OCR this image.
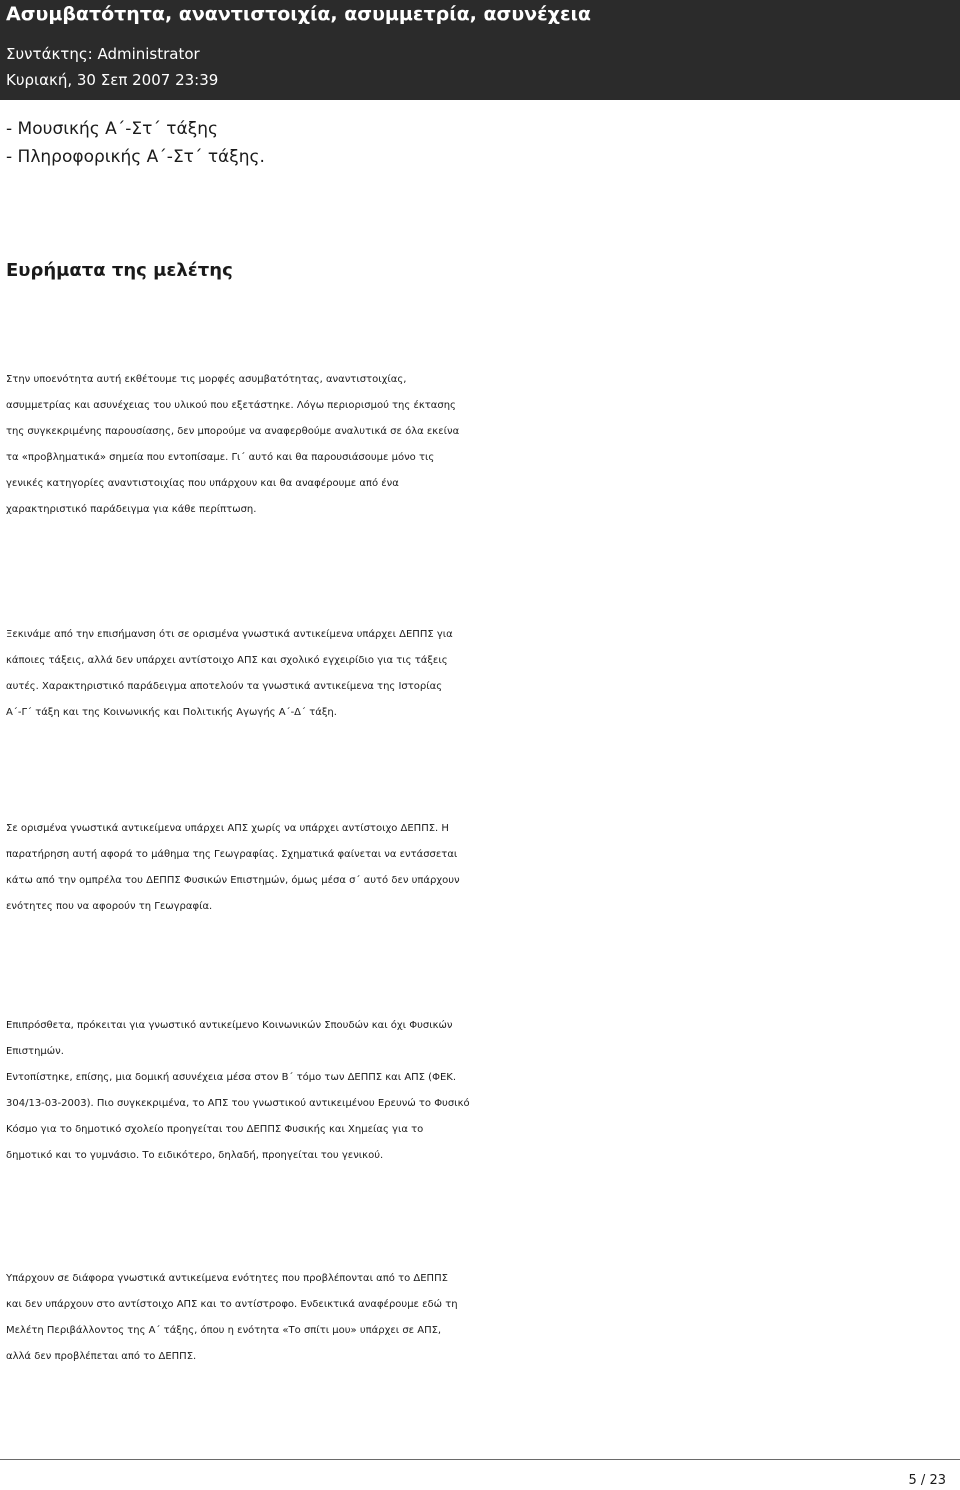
Ασυμβατότητα, αναντιστοιχία, ασυμμετρία, ασυνέχεια
Συντάκτης: Administrator
Κυριακή, 30 Σεπ 2007 23:39
- Μουσικής Α΄-Στ΄ τάξης
- Πληροφορικής Α΄-Στ΄ τάξης.
Ευρήματα της μελέτης
Στην υποενότητα αυτή εκθέτουμε τις μορφές ασυμβατότητας, αναντιστοιχίας,
ασυμμετρίας και ασυνέχειας του υλικού που εξετάστηκε. Λόγω περιορισμού της έκτασης
της συγκεκριμένης παρουσίασης, δεν μπορούμε να αναφερθούμε αναλυτικά σε όλα εκείνα
τα «προβληματικά» σημεία που εντοπίσαμε. Γι΄ αυτό και θα παρουσιάσουμε μόνο τις
γενικές κατηγορίες αναντιστοιχίας που υπάρχουν και θα αναφέρουμε από ένα
χαρακτηριστικό παράδειγμα για κάθε περίπτωση.
Ξεκινάμε από την επισήμανση ότι σε ορισμένα γνωστικά αντικείμενα υπάρχει ΔΕΠΠΣ για
κάποιες τάξεις, αλλά δεν υπάρχει αντίστοιχο ΑΠΣ και σχολικό εγχειρίδιο για τις τάξεις
αυτές. Χαρακτηριστικό παράδειγμα αποτελούν τα γνωστικά αντικείμενα της Ιστορίας
Α΄-Γ΄ τάξη και της Κοινωνικής και Πολιτικής Αγωγής Α΄-Δ΄ τάξη.
Σε ορισμένα γνωστικά αντικείμενα υπάρχει ΑΠΣ χωρίς να υπάρχει αντίστοιχο ΔΕΠΠΣ. Η
παρατήρηση αυτή αφορά το μάθημα της Γεωγραφίας. Σχηματικά φαίνεται να εντάσσεται
κάτω από την ομπρέλα του ΔΕΠΠΣ Φυσικών Επιστημών, όμως μέσα σ΄ αυτό δεν υπάρχουν
ενότητες που να αφορούν τη Γεωγραφία.
Επιπρόσθετα, πρόκειται για γνωστικό αντικείμενο Κοινωνικών Σπουδών και όχι Φυσικών
Επιστημών.
Εντοπίστηκε, επίσης, μια δομική ασυνέχεια μέσα στον Β΄ τόμο των ΔΕΠΠΣ και ΑΠΣ (ΦΕΚ.
304/13-03-2003). Πιο συγκεκριμένα, το ΑΠΣ του γνωστικού αντικειμένου Ερευνώ το Φυσικό
Κόσμο για το δημοτικό σχολείο προηγείται του ΔΕΠΠΣ Φυσικής και Χημείας για το
δημοτικό και το γυμνάσιο. Το ειδικότερο, δηλαδή, προηγείται του γενικού.
Υπάρχουν σε διάφορα γνωστικά αντικείμενα ενότητες που προβλέπονται από το ΔΕΠΠΣ
και δεν υπάρχουν στο αντίστοιχο ΑΠΣ και το αντίστροφο. Ενδεικτικά αναφέρουμε εδώ τη
Μελέτη Περιβάλλοντος της Α΄ τάξης, όπου η ενότητα «Το σπίτι μου» υπάρχει σε ΑΠΣ,
αλλά δεν προβλέπεται από το ΔΕΠΠΣ.
5 / 23
